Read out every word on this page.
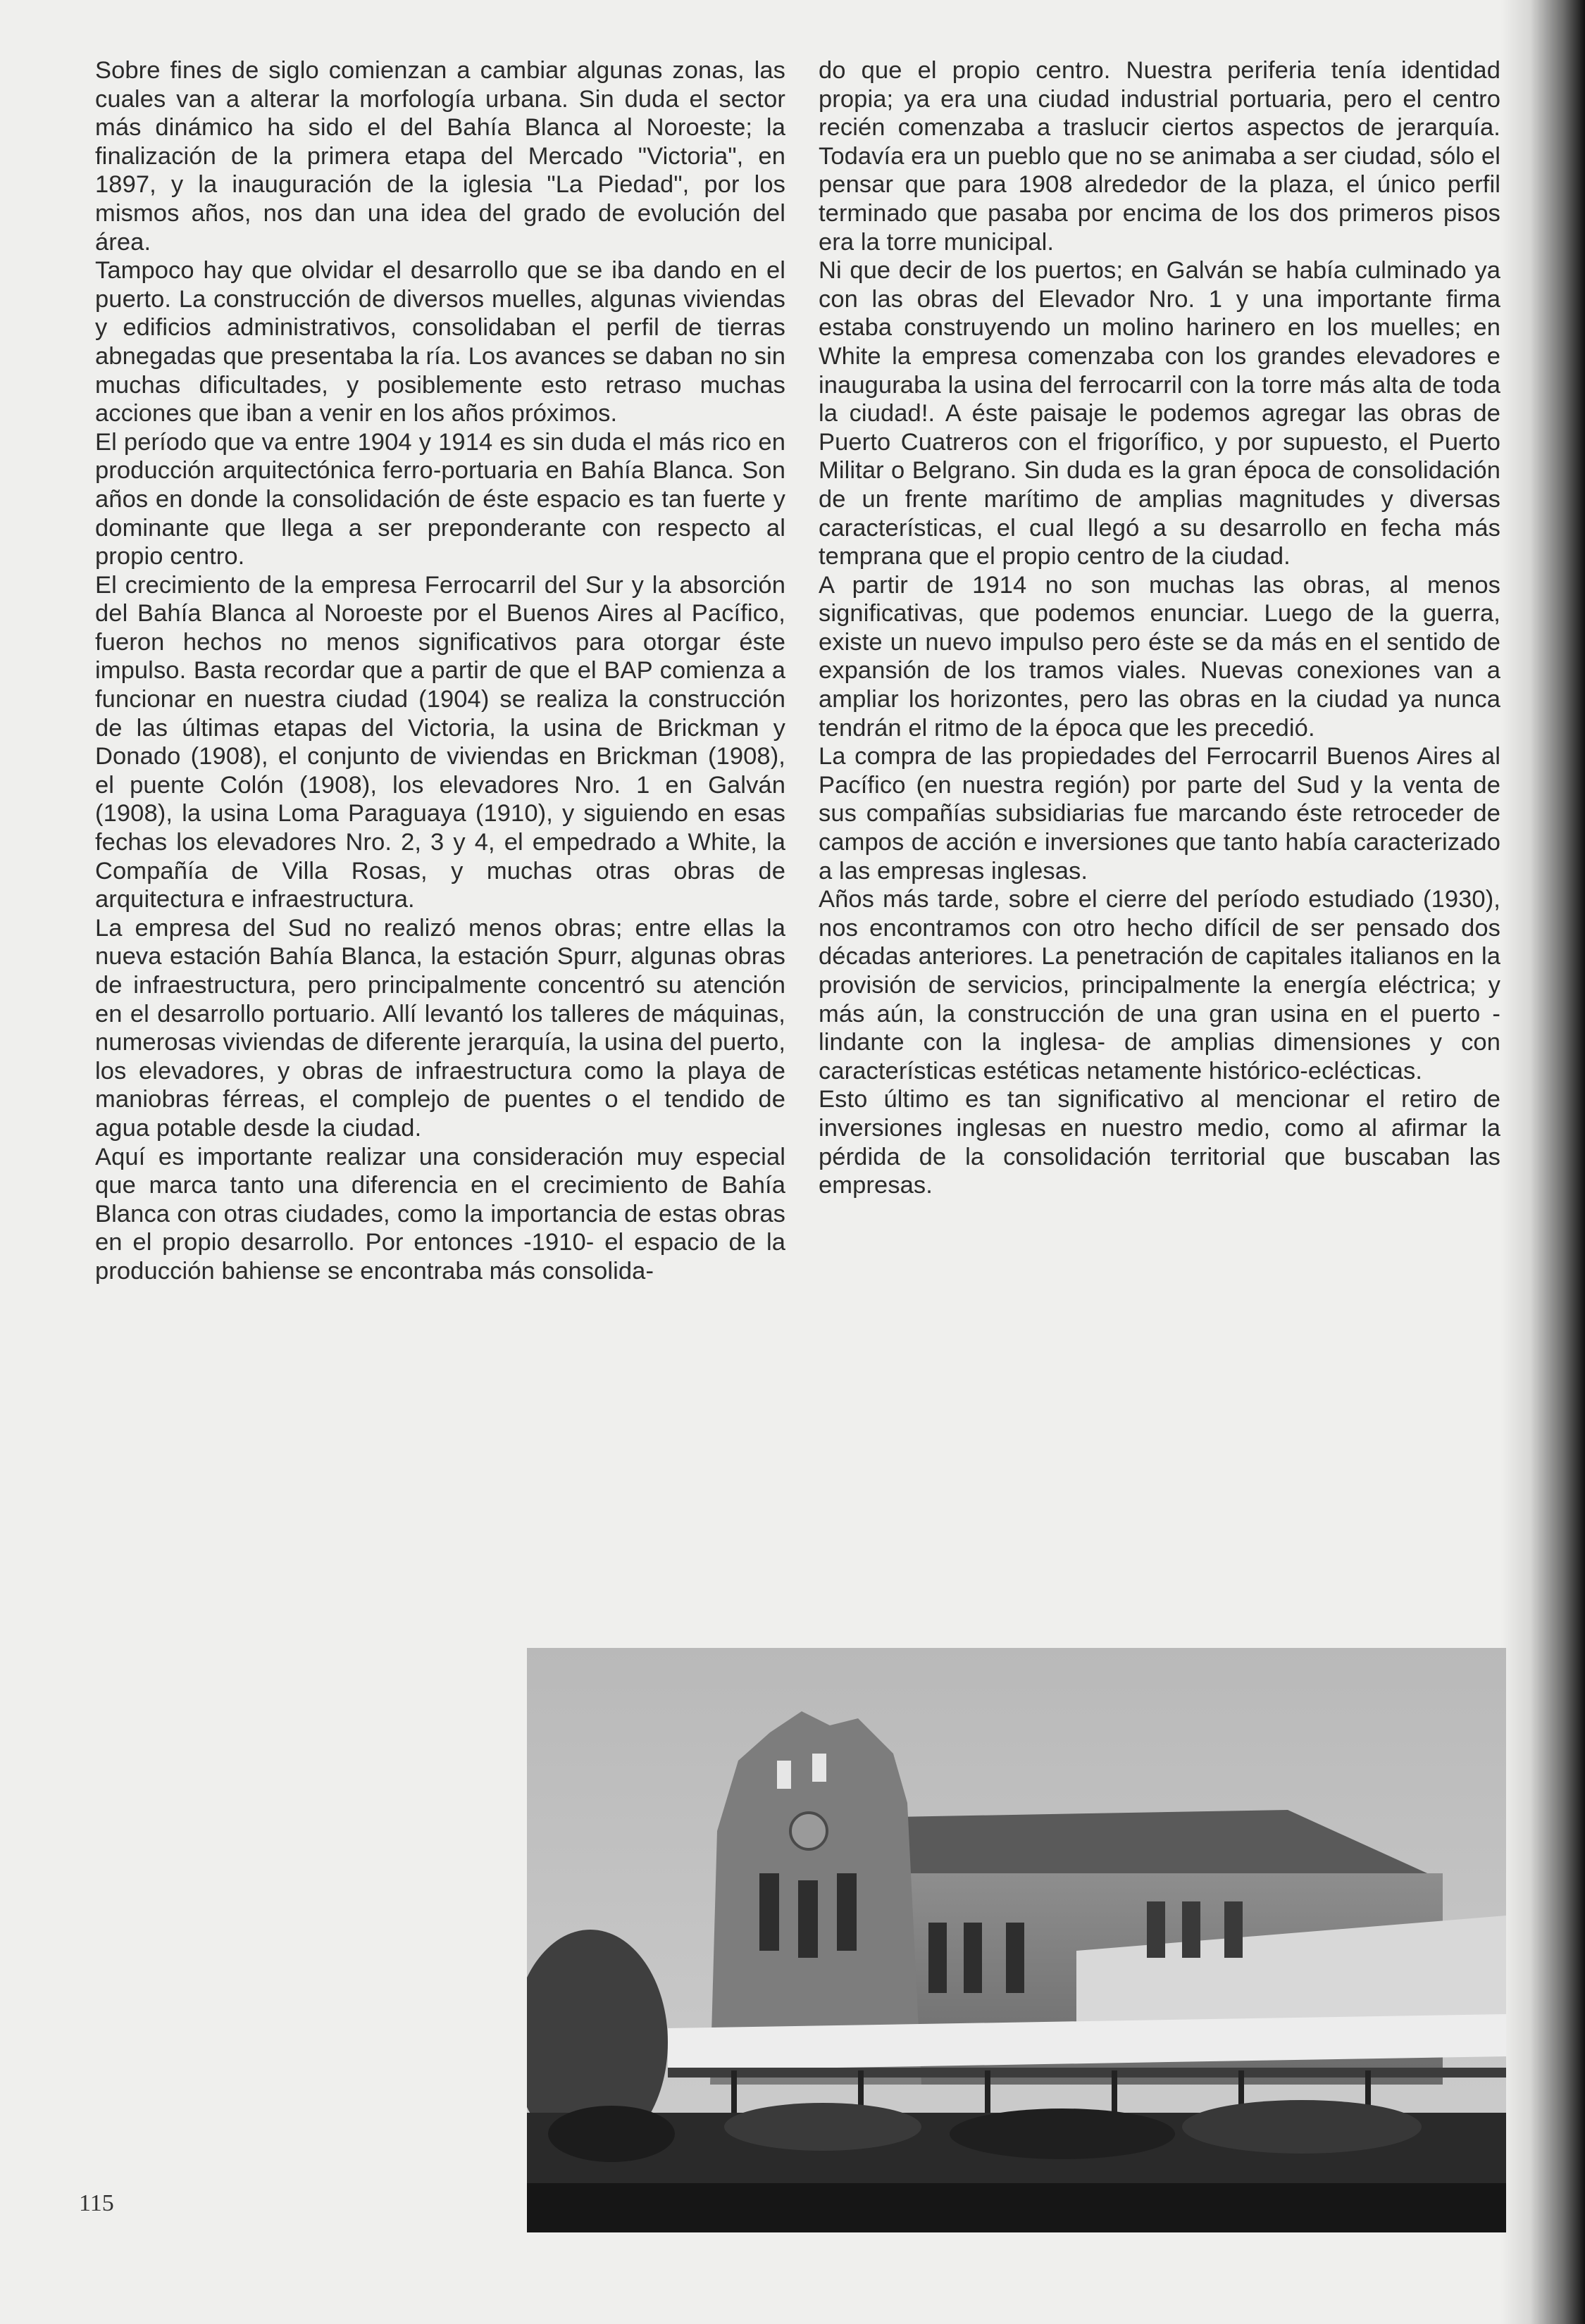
Sobre fines de siglo comienzan a cambiar algunas zonas, las cuales van a alterar la morfología urbana. Sin duda el sector más dinámico ha sido el del Bahía Blanca al Noroeste; la finalización de la primera etapa del Mercado "Victoria", en 1897, y la inauguración de la iglesia "La Piedad", por los mismos años, nos dan una idea del grado de evolución del área.

Tampoco hay que olvidar el desarrollo que se iba dando en el puerto. La construcción de diversos muelles, algunas viviendas y edificios administrativos, consolidaban el perfil de tierras abnegadas que presentaba la ría. Los avances se daban no sin muchas dificultades, y posiblemente esto retraso muchas acciones que iban a venir en los años próximos.

El período que va entre 1904 y 1914 es sin duda el más rico en producción arquitectónica ferro-portuaria en Bahía Blanca. Son años en donde la consolidación de éste espacio es tan fuerte y dominante que llega a ser preponderante con respecto al propio centro.

El crecimiento de la empresa Ferrocarril del Sur y la absorción del Bahía Blanca al Noroeste por el Buenos Aires al Pacífico, fueron hechos no menos significativos para otorgar éste impulso. Basta recordar que a partir de que el BAP comienza a funcionar en nuestra ciudad (1904) se realiza la construcción de las últimas etapas del Victoria, la usina de Brickman y Donado (1908), el conjunto de viviendas en Brickman (1908), el puente Colón (1908), los elevadores Nro. 1 en Galván (1908), la usina Loma Paraguaya (1910), y siguiendo en esas fechas los elevadores Nro. 2, 3 y 4, el empedrado a White, la Compañía de Villa Rosas, y muchas otras obras de arquitectura e infraestructura.

La empresa del Sud no realizó menos obras; entre ellas la nueva estación Bahía Blanca, la estación Spurr, algunas obras de infraestructura, pero principalmente concentró su atención en el desarrollo portuario. Allí levantó los talleres de máquinas, numerosas viviendas de diferente jerarquía, la usina del puerto, los elevadores, y obras de infraestructura como la playa de maniobras férreas, el complejo de puentes o el tendido de agua potable desde la ciudad.

Aquí es importante realizar una consideración muy especial que marca tanto una diferencia en el crecimiento de Bahía Blanca con otras ciudades, como la importancia de estas obras en el propio desarrollo. Por entonces -1910- el espacio de la producción bahiense se encontraba más consolida-

do que el propio centro. Nuestra periferia tenía identidad propia; ya era una ciudad industrial portuaria, pero el centro recién comenzaba a traslucir ciertos aspectos de jerarquía. Todavía era un pueblo que no se animaba a ser ciudad, sólo el pensar que para 1908 alrededor de la plaza, el único perfil terminado que pasaba por encima de los dos primeros pisos era la torre municipal.

Ni que decir de los puertos; en Galván se había culminado ya con las obras del Elevador Nro. 1 y una importante firma estaba construyendo un molino harinero en los muelles; en White la empresa comenzaba con los grandes elevadores e inauguraba la usina del ferrocarril con la torre más alta de toda la ciudad!. A éste paisaje le podemos agregar las obras de Puerto Cuatreros con el frigorífico, y por supuesto, el Puerto Militar o Belgrano. Sin duda es la gran época de consolidación de un frente marítimo de amplias magnitudes y diversas características, el cual llegó a su desarrollo en fecha más temprana que el propio centro de la ciudad.

A partir de 1914 no son muchas las obras, al menos significativas, que podemos enunciar. Luego de la guerra, existe un nuevo impulso pero éste se da más en el sentido de expansión de los tramos viales. Nuevas conexiones van a ampliar los horizontes, pero las obras en la ciudad ya nunca tendrán el ritmo de la época que les precedió.

La compra de las propiedades del Ferrocarril Buenos Aires al Pacífico (en nuestra región) por parte del Sud y la venta de sus compañías subsidiarias fue marcando éste retroceder de campos de acción e inversiones que tanto había caracterizado a las empresas inglesas.

Años más tarde, sobre el cierre del período estudiado (1930), nos encontramos con otro hecho difícil de ser pensado dos décadas anteriores. La penetración de capitales italianos en la provisión de servicios, principalmente la energía eléctrica; y más aún, la construcción de una gran usina en el puerto - lindante con la inglesa- de amplias dimensiones y con características estéticas netamente histórico-eclécticas.

Esto último es tan significativo al mencionar el retiro de inversiones inglesas en nuestro medio, como al afirmar la pérdida de la consolidación territorial que buscaban las empresas.

115
